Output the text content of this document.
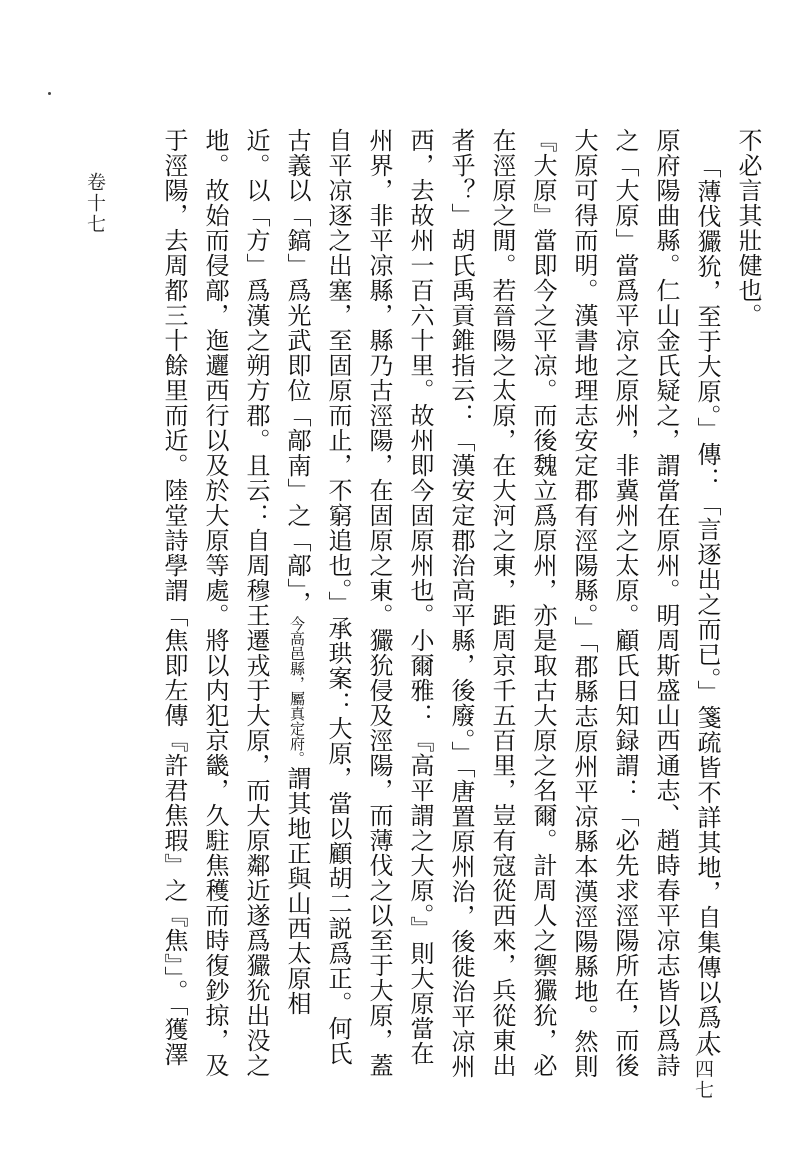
卷十七	不必言其壯健也。
「薄伐玁狁，至于大原。」傳：「言逐出之而已。」箋疏皆不詳其地，自集傳以爲太
原府陽曲縣。仁山金氏疑之，謂當在原州。明周斯盛山西通志、趙時春平凉志皆以爲詩
之「大原」當爲平凉之原州，非冀州之太原。顧氏日知録謂：「必先求涇陽所在，而後
大原可得而明。漢書地理志安定郡有涇陽縣。」「郡縣志原州平凉縣本漢涇陽縣地。然則
『大原』當即今之平凉。而後魏立爲原州，亦是取古大原之名爾。計周人之禦玁狁，必
在涇原之閒。若晉陽之太原，在大河之東，距周京千五百里，豈有寇從西來，兵從東出
者乎？」胡氏禹貢錐指云：「漢安定郡治高平縣，後廢。」「唐置原州治，後徙治平凉州
西，去故州一百六十里。故州即今固原州也。小爾雅：『高平謂之大原。』則大原當在
州界，非平凉縣，縣乃古涇陽，在固原之東。玁狁侵及涇陽，而薄伐之以至于大原，蓋
自平凉逐之出塞，至固原而止，不窮追也。」承珙案：大原，當以顧胡二説爲正。何氏
古義以「鎬」爲光武即位「鄗南」之「鄗」，今高邑縣，屬真定府。謂其地正與山西太原相
近。以「方」爲漢之朔方郡。且云：自周穆王遷戎于大原，而大原鄰近遂爲玁狁出没之
地。故始而侵鄗，迤邐西行以及於大原等處。將以内犯京畿，久駐焦穫而時復鈔掠，及
于涇陽，去周都三十餘里而近。陸堂詩學謂「焦即左傳『許君焦瑕』之『焦』」。「獲澤
八四七
